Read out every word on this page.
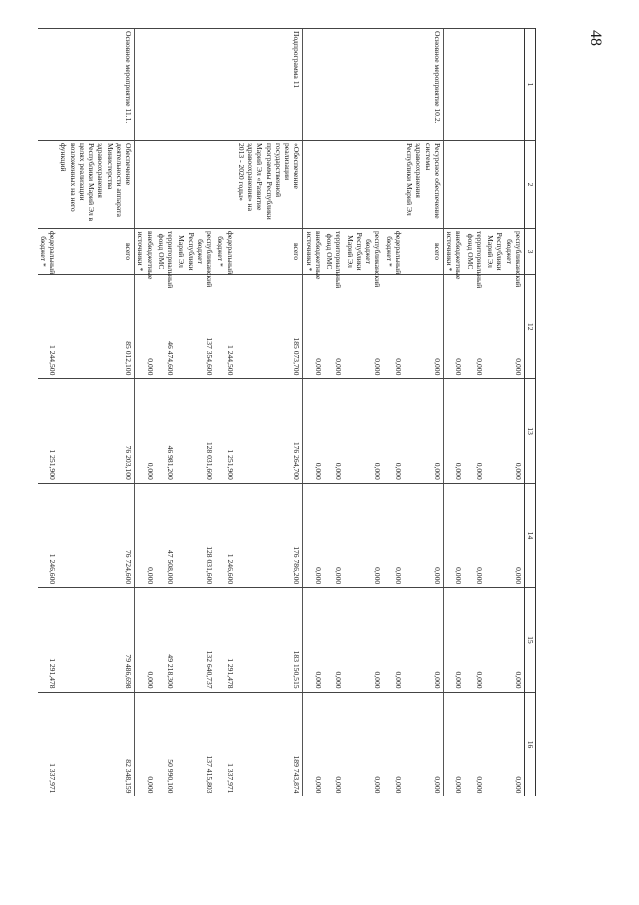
48
1	2	3	12	13	14	15	16
		республиканский бюджет Республики Марий Эл	0,000	0,000	0,000	0,000	0,000
		территориальный фонд ОМС	0,000	0,000	0,000	0,000	0,000
		внебюджетные источники *	0,000	0,000	0,000	0,000	0,000
Основное мероприятие 10.2.	Ресурсное обеспечение системы здравоохранения Республики Марий Эл	всего	0,000	0,000	0,000	0,000	0,000
		федеральный бюджет *	0,000	0,000	0,000	0,000	0,000
		республиканский бюджет Республики Марий Эл	0,000	0,000	0,000	0,000	0,000
		территориальный фонд ОМС	0,000	0,000	0,000	0,000	0,000
		внебюджетные источники *	0,000	0,000	0,000	0,000	0,000
Подпрограмма 11	«Обеспечение реализации государственной программы Республики Марий Эл «Развитие здравоохранения» на 2013 - 2020 годы»	всего	185 073,700	176 264,700	176 786,200	183 150,515	189 743,874
		федеральный бюджет *	1 244,500	1 251,900	1 246,600	1 291,478	1 337,971
		республиканский бюджет Республики Марий Эл	137 354,600	128 031,600	128 031,600	132 640,737	137 415,803
		территориальный фонд ОМС	46 474,600	46 981,200	47 508,000	49 218,300	50 990,100
		внебюджетные источники *	0,000	0,000	0,000	0,000	0,000
Основное мероприятие 11.1.	Обеспечение деятельности аппарата Министерства здравоохранения Республики Марий Эл в целях реализации возложенных на него функций	всего	85 012,100	76 203,100	76 724,600	79 486,698	82 348,159
		федеральный бюджет *	1 244,500	1 251,900	1 246,600	1 291,478	1 337,971
